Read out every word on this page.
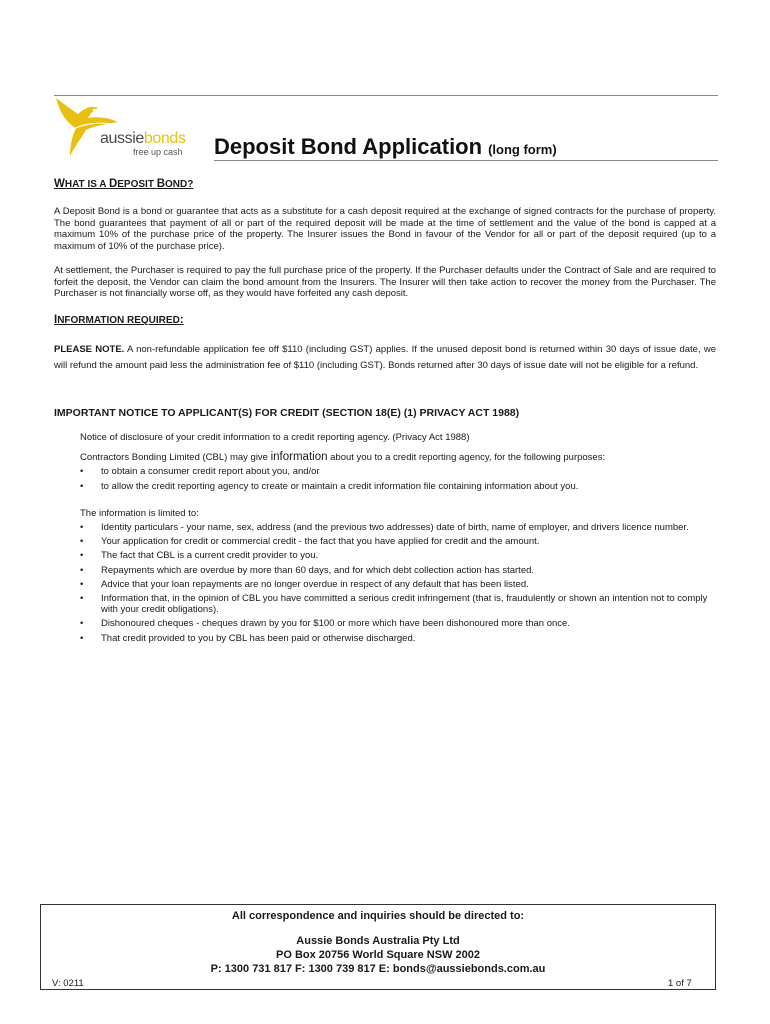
aussiebonds
free up cash Deposit Bond Application (long form)
WHAT IS A DEPOSIT BOND?
A Deposit Bond is a bond or guarantee that acts as a substitute for a cash deposit required at the exchange of signed contracts for the purchase of property. The bond guarantees that payment of all or part of the required deposit will be made at the time of settlement and the value of the bond is capped at a maximum 10% of the purchase price of the property. The Insurer issues the Bond in favour of the Vendor for all or part of the deposit required (up to a maximum of 10% of the purchase price).
At settlement, the Purchaser is required to pay the full purchase price of the property. If the Purchaser defaults under the Contract of Sale and are required to forfeit the deposit, the Vendor can claim the bond amount from the Insurers. The Insurer will then take action to recover the money from the Purchaser. The Purchaser is not financially worse off, as they would have forfeited any cash deposit.
INFORMATION REQUIRED:
PLEASE NOTE. A non-refundable application fee off $110 (including GST) applies. If the unused deposit bond is returned within 30 days of issue date, we will refund the amount paid less the administration fee of $110 (including GST). Bonds returned after 30 days of issue date will not be eligible for a refund.
IMPORTANT NOTICE TO APPLICANT(S) FOR CREDIT (SECTION 18(E) (1) PRIVACY ACT 1988)
Notice of disclosure of your credit information to a credit reporting agency. (Privacy Act 1988)
Contractors Bonding Limited (CBL) may give information about you to a credit reporting agency, for the following purposes:
• to obtain a consumer credit report about you, and/or
• to allow the credit reporting agency to create or maintain a credit information file containing information about you.
The information is limited to:
• Identity particulars - your name, sex, address (and the previous two addresses) date of birth, name of employer, and drivers licence number.
• Your application for credit or commercial credit - the fact that you have applied for credit and the amount.
• The fact that CBL is a current credit provider to you.
• Repayments which are overdue by more than 60 days, and for which debt collection action has started.
• Advice that your loan repayments are no longer overdue in respect of any default that has been listed.
• Information that, in the opinion of CBL you have committed a serious credit infringement (that is, fraudulently or shown an intention not to comply with your credit obligations).
• Dishonoured cheques - cheques drawn by you for $100 or more which have been dishonoured more than once.
• That credit provided to you by CBL has been paid or otherwise discharged.
All correspondence and inquiries should be directed to:
Aussie Bonds Australia Pty Ltd
PO Box 20756 World Square NSW 2002
P: 1300 731 817 F: 1300 739 817 E: bonds@aussiebonds.com.au
V: 0211	1 of 7
